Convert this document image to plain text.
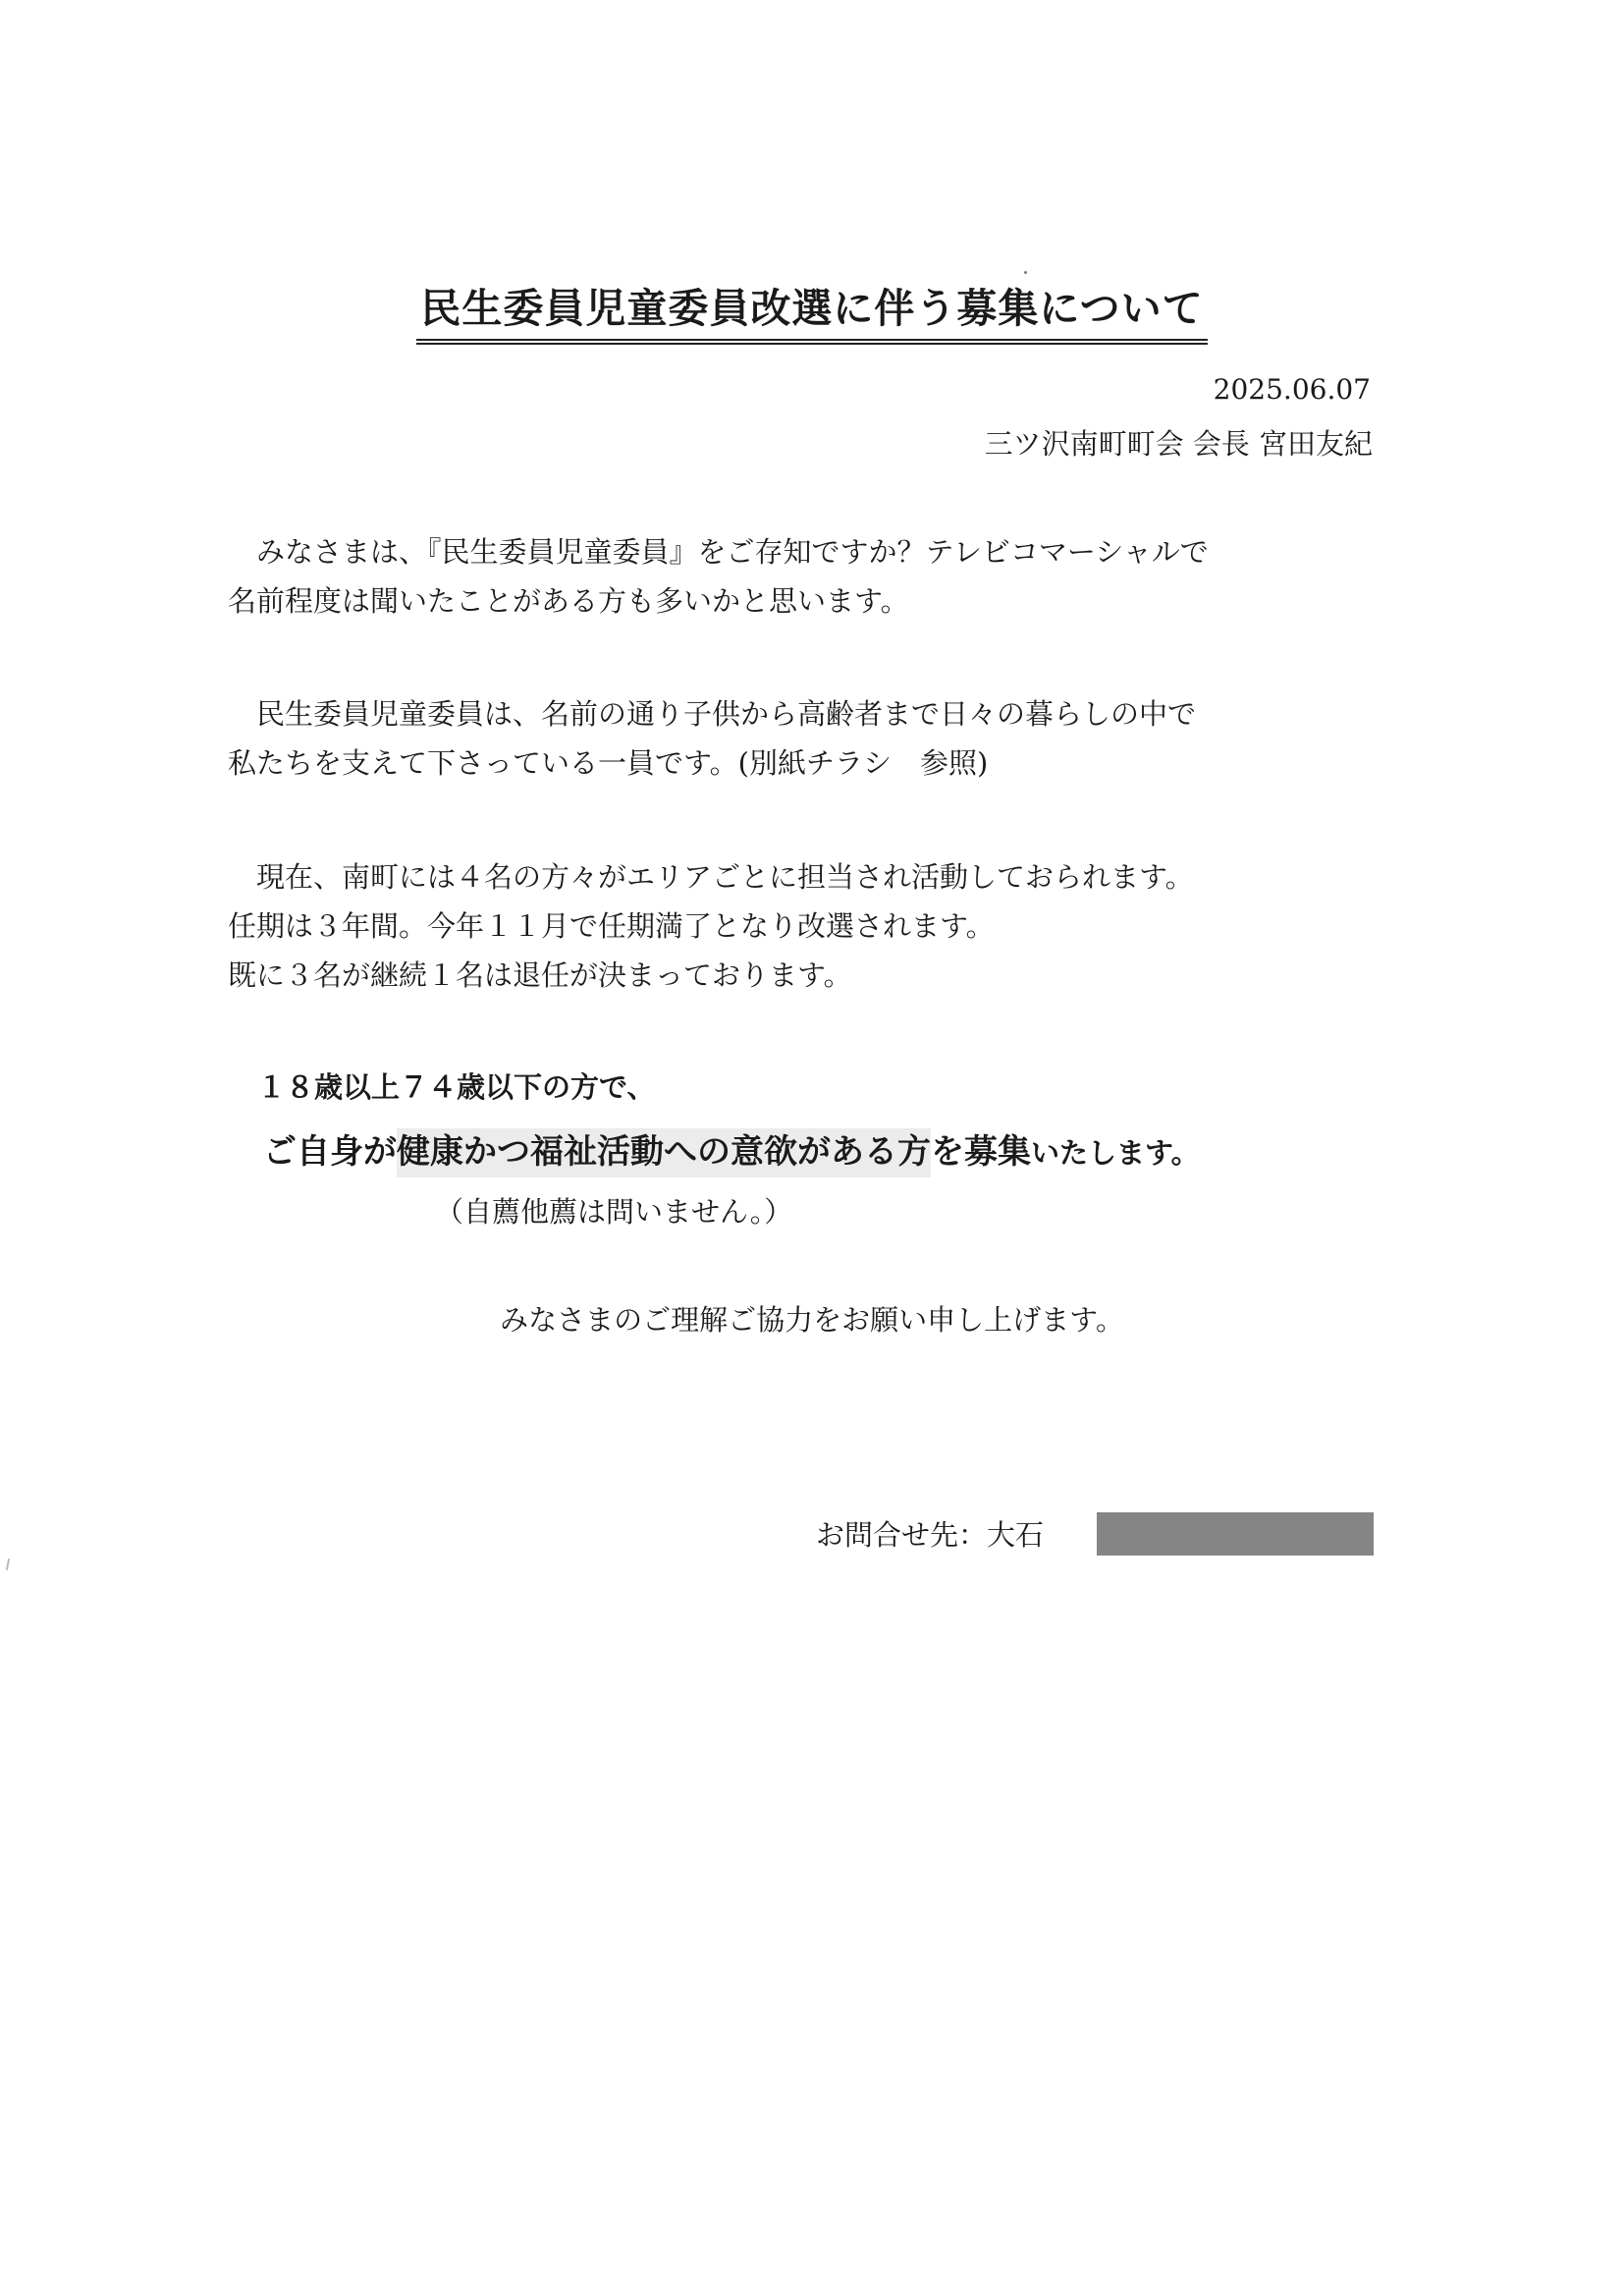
民生委員児童委員改選に伴う募集について
2025.06.07
三ツ沢南町町会 会長 宮田友紀
　みなさまは、『民生委員児童委員』をご存知ですか？テレビコマーシャルで
名前程度は聞いたことがある方も多いかと思います。
　民生委員児童委員は、名前の通り子供から高齢者まで日々の暮らしの中で
私たちを支えて下さっている一員です。(別紙チラシ　参照)
　現在、南町には４名の方々がエリアごとに担当され活動しておられます。
任期は３年間。今年１１月で任期満了となり改選されます。
既に３名が継続１名は退任が決まっております。
１８歳以上７４歳以下の方で、
ご自身が健康かつ福祉活動への意欲がある方を募集いたします。
（自薦他薦は問いません。）
みなさまのご理解ご協力をお願い申し上げます。
お問合せ先：大石
